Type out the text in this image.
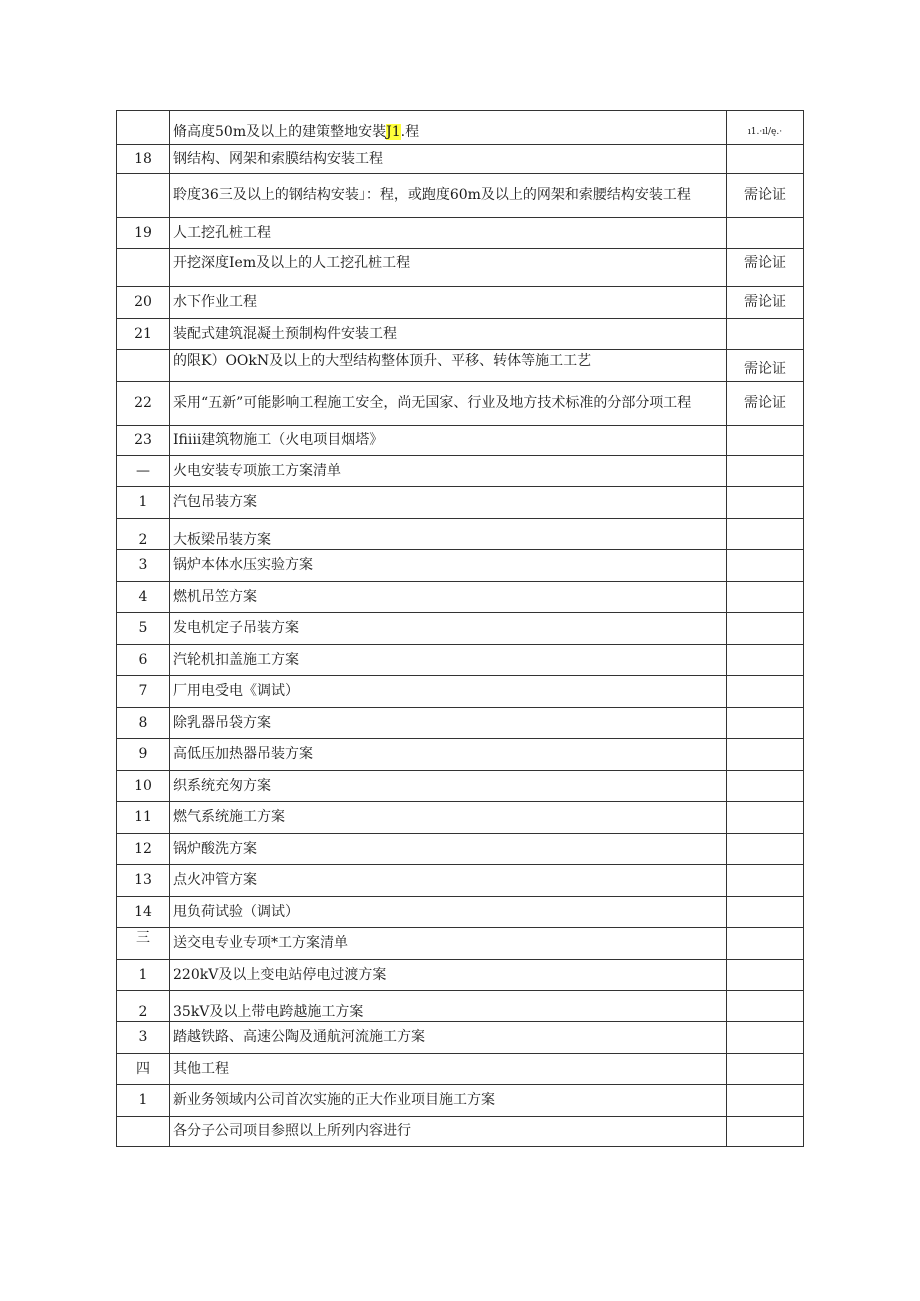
	脩高度50m及以上的建策整地安裝J1.程	ı1.·ıl/ę.·
18	钢结构、网架和索膜结构安装工程	
	聆度36三及以上的钢结构安装」：程，或跑度60m及以上的网架和索腰结构安装工程	需论证
19	人工挖孔桩工程	
	开挖深度Iem及以上的人工挖孔桩工程	需论证
20	水下作业工程	需论证
21	装配式建筑混凝土预制构件安装工程	
	的限K）OOkN及以上的大型结构整体顶升、平移、转体等施工工艺	需论证
22	采用“五新”可能影响工程施工安全，尚无国家、行业及地方技术标准的分部分项工程	需论证
23	Ifiiii建筑物施工（火电项目烟塔》	
—	火电安装专项旅工方案清单	
1	汽包吊装方案	
2	大板梁吊装方案	
3	锅炉本体水压实验方案	
4	燃机吊笠方案	
5	发电机定子吊装方案	
6	汽轮机扣盖施工方案	
7	厂用电受电《调试）	
8	除乳器吊袋方案	
9	高低压加热器吊装方案	
10	织系统充匆方案	
11	燃气系统施工方案	
12	锅炉酸洗方案	
13	点火冲管方案	
14	甩负荷试验（调试）	
三	送交电专业专项*工方案清单	
1	220kV及以上变电站停电过渡方案	
2	35kV及以上带电跨越施工方案	
3	踏越铁路、高速公陶及通航河流施工方案	
四	其他工程	
1	新业务领域内公司首次实施的正大作业项目施工方案	
	各分子公司项目参照以上所列内容进行	
